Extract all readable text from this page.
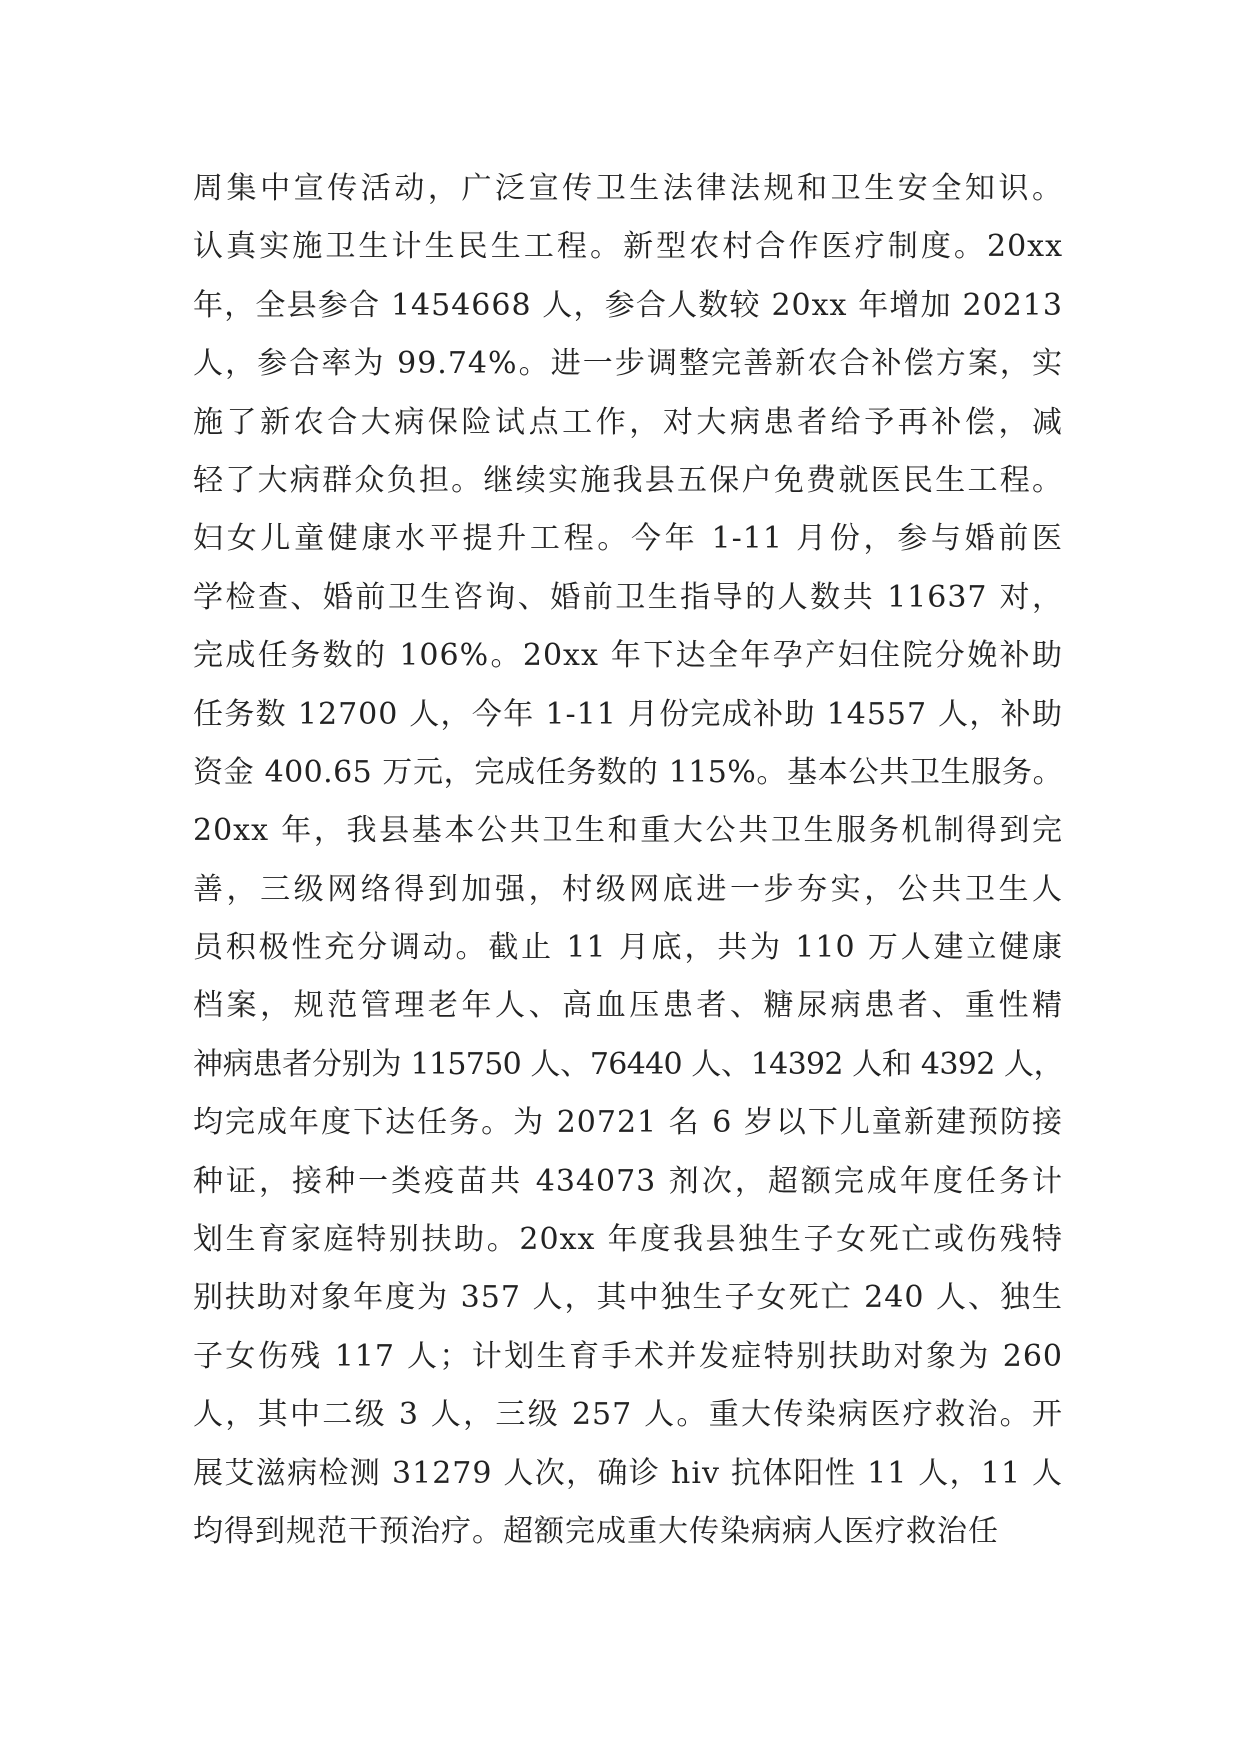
周集中宣传活动，广泛宣传卫生法律法规和卫生安全知识。
认真实施卫生计生民生工程。新型农村合作医疗制度。20xx
年，全县参合 1454668 人，参合人数较 20xx 年增加 20213
人，参合率为 99.74%。进一步调整完善新农合补偿方案，实
施了新农合大病保险试点工作，对大病患者给予再补偿，减
轻了大病群众负担。继续实施我县五保户免费就医民生工程。
妇女儿童健康水平提升工程。今年 1-11 月份，参与婚前医
学检查、婚前卫生咨询、婚前卫生指导的人数共 11637 对，
完成任务数的 106%。20xx 年下达全年孕产妇住院分娩补助
任务数 12700 人，今年 1-11 月份完成补助 14557 人，补助
资金 400.65 万元，完成任务数的 115%。基本公共卫生服务。
20xx 年，我县基本公共卫生和重大公共卫生服务机制得到完
善，三级网络得到加强，村级网底进一步夯实，公共卫生人
员积极性充分调动。截止 11 月底，共为 110 万人建立健康
档案，规范管理老年人、高血压患者、糖尿病患者、重性精
神病患者分别为 115750 人、76440 人、14392 人和 4392 人，
均完成年度下达任务。为 20721 名 6 岁以下儿童新建预防接
种证，接种一类疫苗共 434073 剂次，超额完成年度任务计
划生育家庭特别扶助。20xx 年度我县独生子女死亡或伤残特
别扶助对象年度为 357 人，其中独生子女死亡 240 人、独生
子女伤残 117 人；计划生育手术并发症特别扶助对象为 260
人，其中二级 3 人，三级 257 人。重大传染病医疗救治。开
展艾滋病检测 31279 人次，确诊 hiv 抗体阳性 11 人，11 人
均得到规范干预治疗。超额完成重大传染病病人医疗救治任
